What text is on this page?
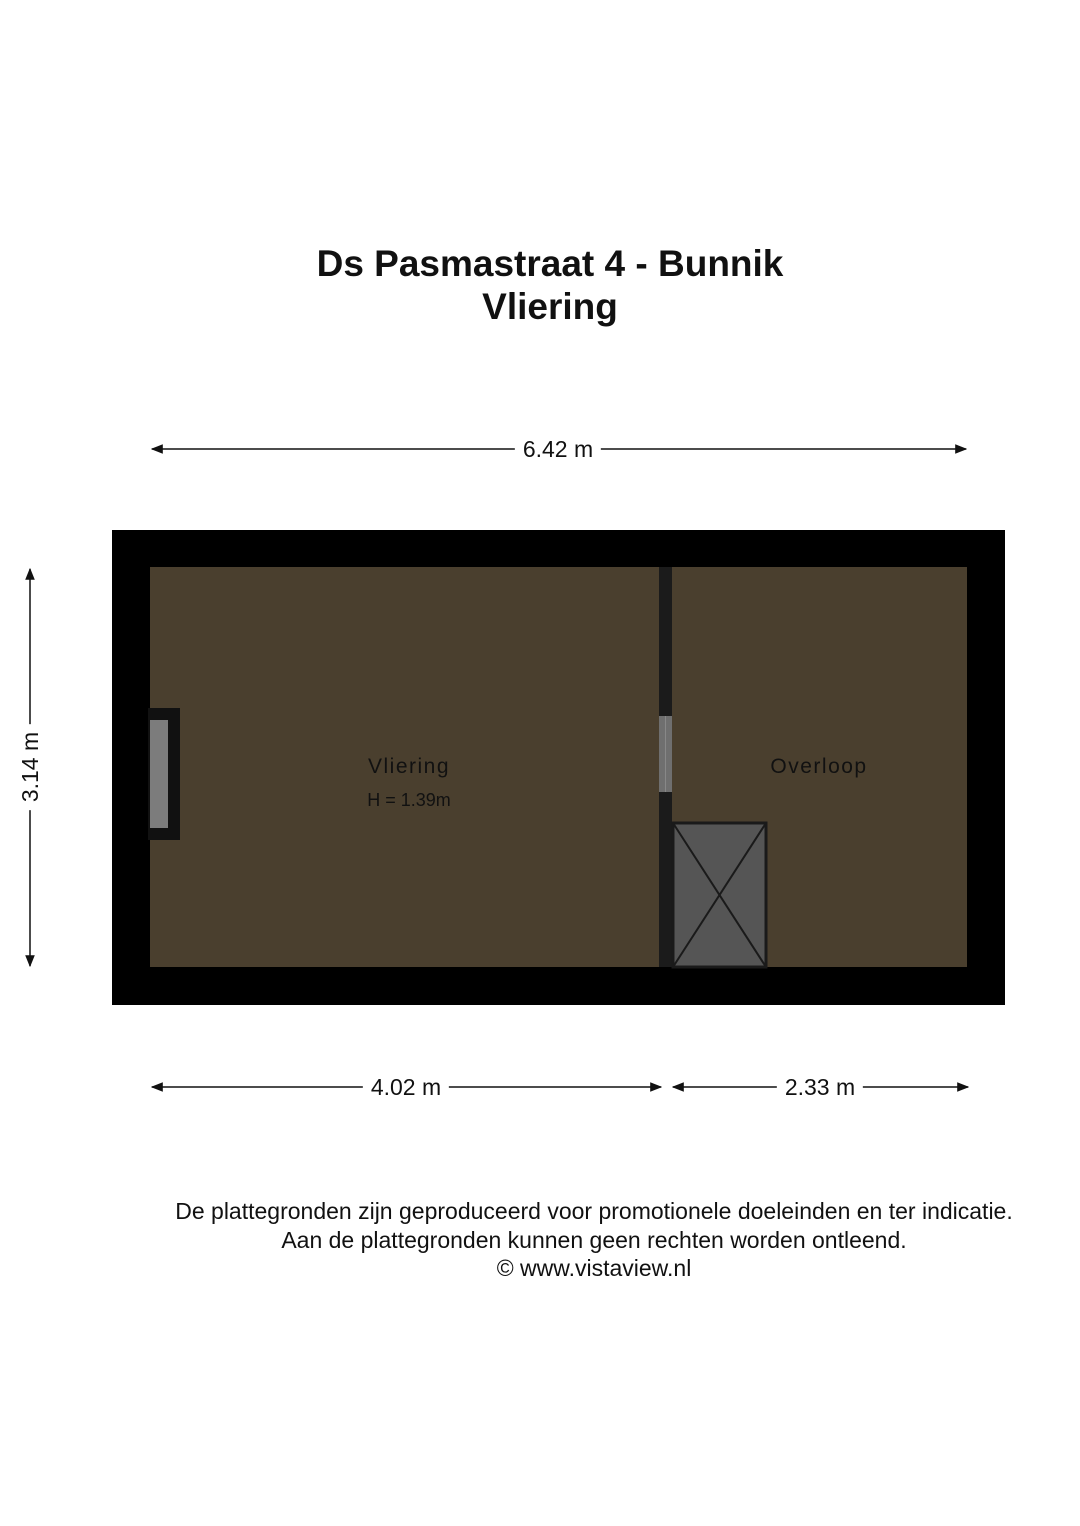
Ds Pasmastraat 4 - Bunnik
Vliering
6.42 m
3.14 m
4.02 m	2.33 m
Vliering
H = 1.39m
Overloop
De plattegronden zijn geproduceerd voor promotionele doeleinden en ter indicatie.
Aan de plattegronden kunnen geen rechten worden ontleend.
© www.vistaview.nl
